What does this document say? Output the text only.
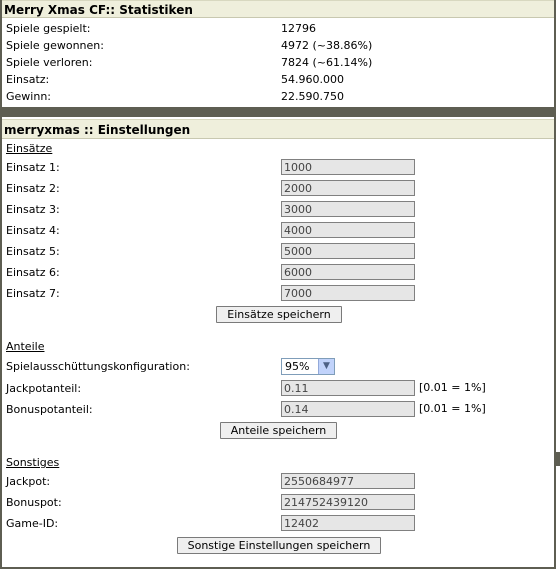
Merry Xmas CF:: Statistiken
Spiele gespielt:	12796
Spiele gewonnen:	4972 (~38.86%)
Spiele verloren:	7824 (~61.14%)
Einsatz:	54.960.000
Gewinn:	22.590.750
merryxmas :: Einstellungen
Einsätze
Einsatz 1:
1000
Einsatz 2:
2000
Einsatz 3:
3000
Einsatz 4:
4000
Einsatz 5:
5000
Einsatz 6:
6000
Einsatz 7:
7000
Einsätze speichern
Anteile
Spielausschüttungskonfiguration:	95%	▼
Jackpotanteil:
0.11	[0.01 = 1%]
Bonuspotanteil:
0.14	[0.01 = 1%]
Anteile speichern
Sonstiges
Jackpot:
2550684977
Bonuspot:
214752439120
Game-ID:
12402
Sonstige Einstellungen speichern
